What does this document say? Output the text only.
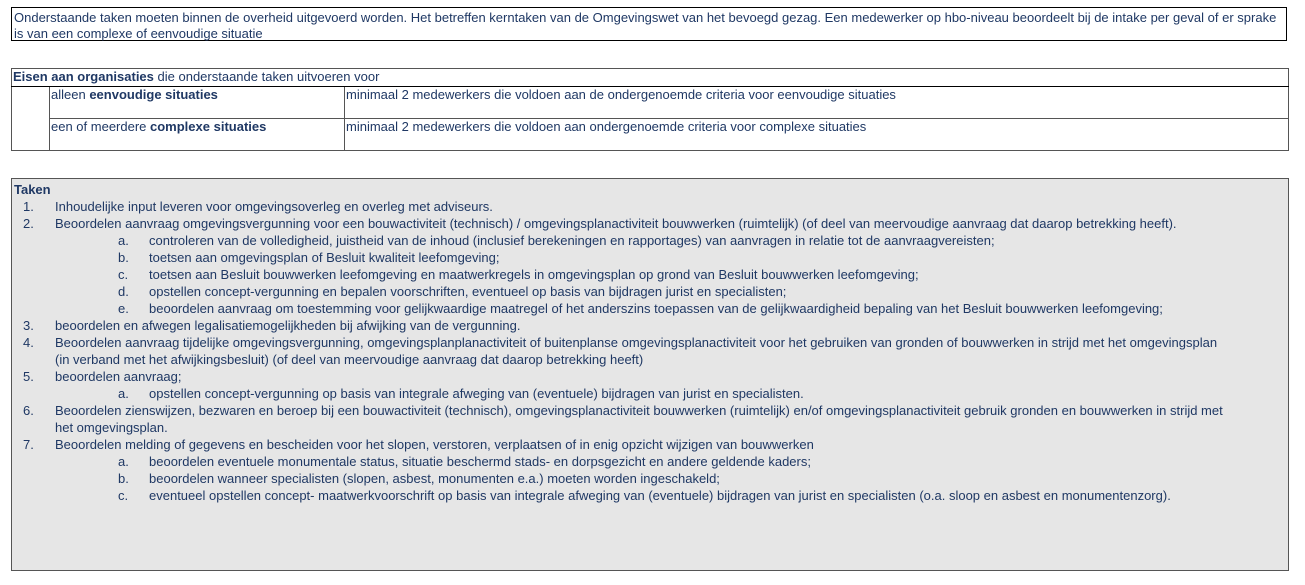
Onderstaande taken moeten binnen de overheid uitgevoerd worden. Het betreffen kerntaken van de Omgevingswet van het bevoegd gezag. Een medewerker op hbo-niveau beoordeelt bij de intake per geval of er sprake is van een complexe of eenvoudige situatie
Eisen aan organisaties die onderstaande taken uitvoeren voor		
	alleen eenvoudige situaties	minimaal 2 medewerkers die voldoen aan de ondergenoemde criteria voor eenvoudige situaties
	een of meerdere complexe situaties	minimaal 2 medewerkers die voldoen aan ondergenoemde criteria voor complexe situaties
Taken
1. Inhoudelijke input leveren voor omgevingsoverleg en overleg met adviseurs.
2. Beoordelen aanvraag omgevingsvergunning voor een bouwactiviteit (technisch) / omgevingsplanactiviteit bouwwerken (ruimtelijk) (of deel van meervoudige aanvraag dat daarop betrekking heeft).
a. controleren van de volledigheid, juistheid van de inhoud (inclusief berekeningen en rapportages) van aanvragen in relatie tot de aanvraagvereisten;
b. toetsen aan omgevingsplan of Besluit kwaliteit leefomgeving;
c. toetsen aan Besluit bouwwerken leefomgeving en maatwerkregels in omgevingsplan op grond van Besluit bouwwerken leefomgeving;
d. opstellen concept-vergunning en bepalen voorschriften, eventueel op basis van bijdragen jurist en specialisten;
e. beoordelen aanvraag om toestemming voor gelijkwaardige maatregel of het anderszins toepassen van de gelijkwaardigheid bepaling van het Besluit bouwwerken leefomgeving;
3. beoordelen en afwegen legalisatiemogelijkheden bij afwijking van de vergunning.
4. Beoordelen aanvraag tijdelijke omgevingsvergunning, omgevingsplanplanactiviteit of buitenplanse omgevingsplanactiviteit voor het gebruiken van gronden of bouwwerken in strijd met het omgevingsplan (in verband met het afwijkingsbesluit) (of deel van meervoudige aanvraag dat daarop betrekking heeft)
5. beoordelen aanvraag;
a. opstellen concept-vergunning op basis van integrale afweging van (eventuele) bijdragen van jurist en specialisten.
6. Beoordelen zienswijzen, bezwaren en beroep bij een bouwactiviteit (technisch), omgevingsplanactiviteit bouwwerken (ruimtelijk) en/of omgevingsplanactiviteit gebruik gronden en bouwwerken in strijd met het omgevingsplan.
7. Beoordelen melding of gegevens en bescheiden voor het slopen, verstoren, verplaatsen of in enig opzicht wijzigen van bouwwerken
a. beoordelen eventuele monumentale status, situatie beschermd stads- en dorpsgezicht en andere geldende kaders;
b. beoordelen wanneer specialisten (slopen, asbest, monumenten e.a.) moeten worden ingeschakeld;
c. eventueel opstellen concept- maatwerkvoorschrift op basis van integrale afweging van (eventuele) bijdragen van jurist en specialisten (o.a. sloop en asbest en monumentenzorg).
